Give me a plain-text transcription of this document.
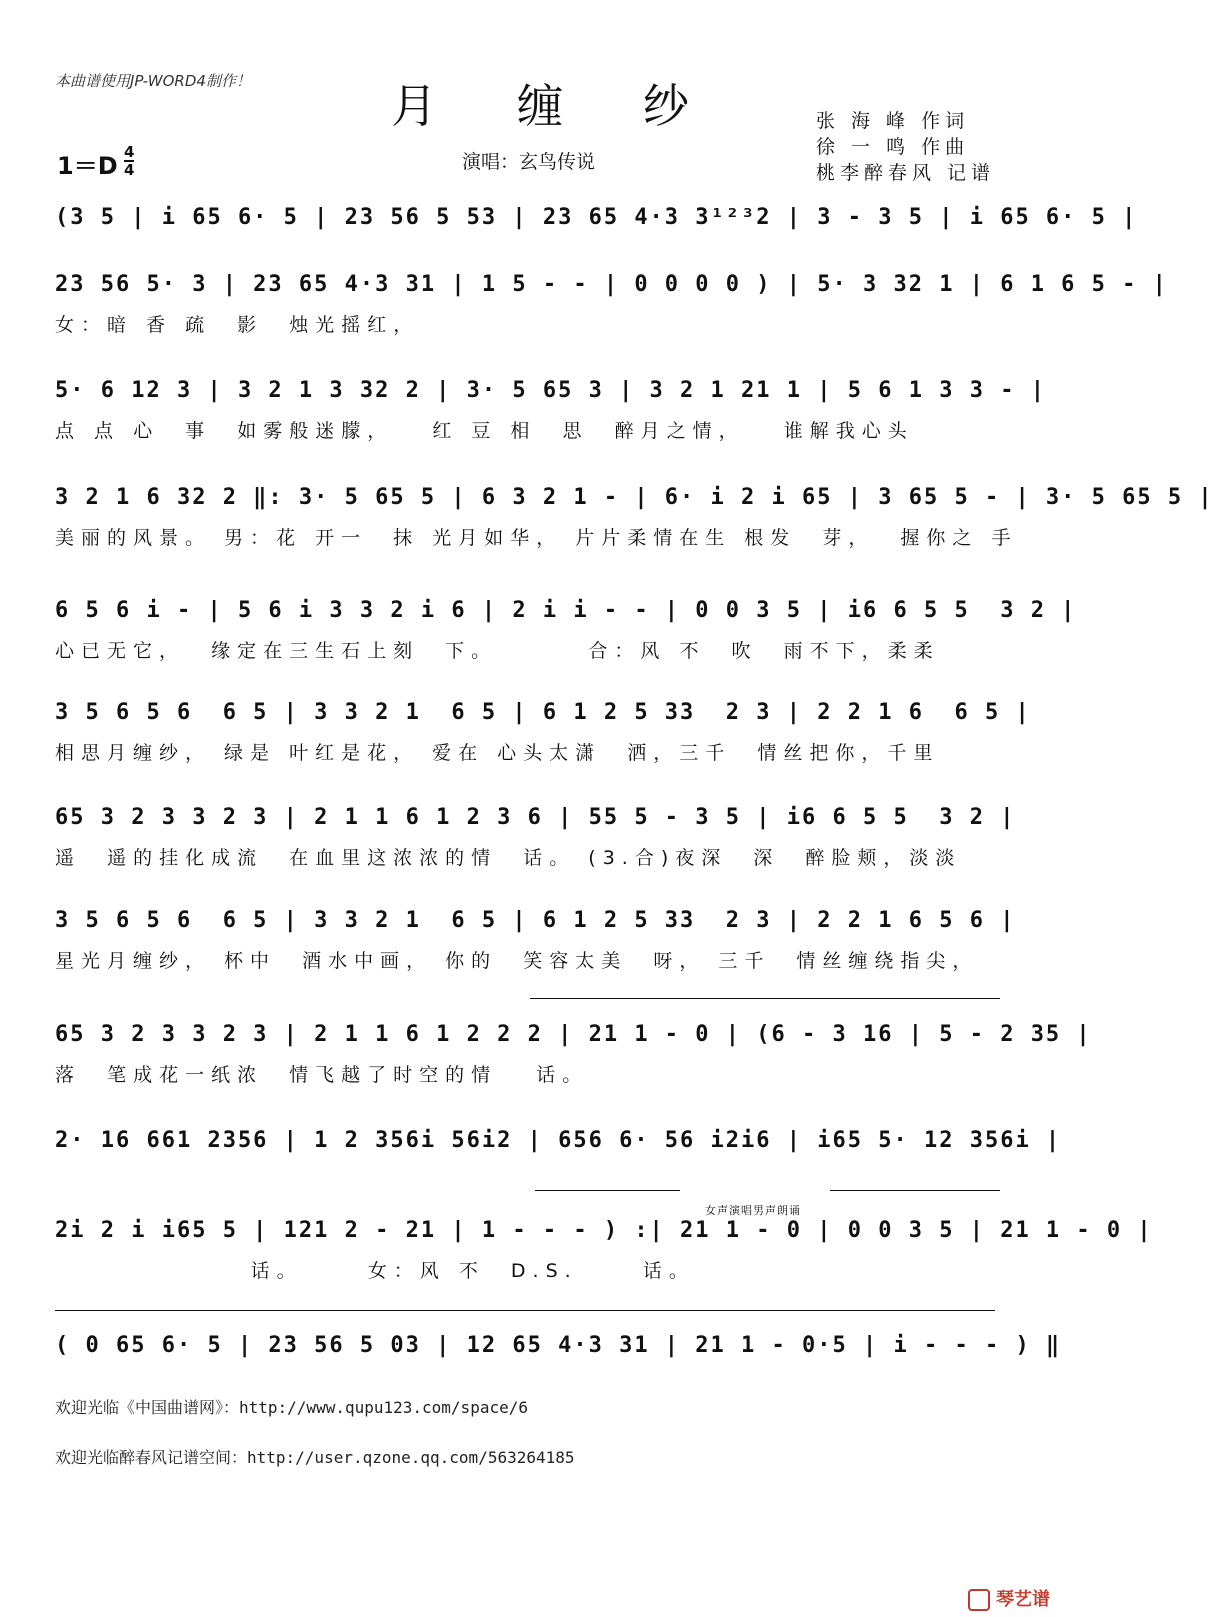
本曲谱使用JP-WORD4制作！	月缠纱	张 海 峰 作词
徐 一 鸣 作曲
桃李醉春风 记谱
1＝D 4
4	演唱：玄鸟传说
(3 5 | i 65 6· 5 | 23 56 5 53 | 23 65 4·3 3¹²³2 | 3 - 3 5 | i 65 6· 5 |
23 56 5· 3 | 23 65 4·3 31 | 1 5 - - | 0 0 0 0 ) | 5· 3 32 1 | 6 1 6 5 - |
女：暗 香 疏  影  烛光摇红，
5· 6 12 3 | 3 2 1 3 32 2 | 3· 5 65 3 | 3 2 1 21 1 | 5 6 1 3 3 - |
点 点 心  事  如雾般迷朦，   红 豆 相  思  醉月之情，   谁解我心头
3 2 1 6 32 2 ‖: 3· 5 65 5 | 6 3 2 1 - | 6· i 2 i 65 | 3 65 5 - | 3· 5 65 5 |
美丽的风景。 男：花 开一  抹 光月如华， 片片柔情在生 根发  芽，  握你之 手
6 5 6 i - | 5 6 i 3 3 2 i 6 | 2 i i - - | 0 0 3 5 | i6 6 5 5  3 2 |
心已无它，  缘定在三生石上刻  下。       合：风 不  吹  雨不下，柔柔
3 5 6 5 6  6 5 | 3 3 2 1  6 5 | 6 1 2 5 33  2 3 | 2 2 1 6  6 5 |
相思月缠纱， 绿是 叶红是花， 爱在 心头太潇  洒，三千  情丝把你，千里
65 3 2 3 3 2 3 | 2 1 1 6 1 2 3 6 | 55 5 - 3 5 | i6 6 5 5  3 2 |
遥  遥的挂化成流  在血里这浓浓的情  话。 (3.合)夜深  深  醉脸颊，淡淡
3 5 6 5 6  6 5 | 3 3 2 1  6 5 | 6 1 2 5 33  2 3 | 2 2 1 6 5 6 |
星光月缠纱， 杯中  酒水中画， 你的  笑容太美  呀， 三千  情丝缠绕指尖，
65 3 2 3 3 2 3 | 2 1 1 6 1 2 2 2 | 21 1 - 0 | (6 - 3 16 | 5 - 2 35 |
落  笔成花一纸浓  情飞越了时空的情   话。
2· 16 661 2356 | 1 2 356i 56i2 | 656 6· 56 i2i6 | i65 5· 12 356i |
2i 2 i i65 5 | 121 2 - 21 | 1 - - - ) :| 21 1 - 0 | 0 0 3 5 | 21 1 - 0 |
话。     女：风 不  D.S.     话。
女声演唱男声朗诵
( 0 65 6· 5 | 23 56 5 03 | 12 65 4·3 31 | 21 1 - 0·5 | i - - - ) ‖
欢迎光临《中国曲谱网》：http://www.qupu123.com/space/6
欢迎光临醉春风记谱空间：http://user.qzone.qq.com/563264185
琴艺谱
